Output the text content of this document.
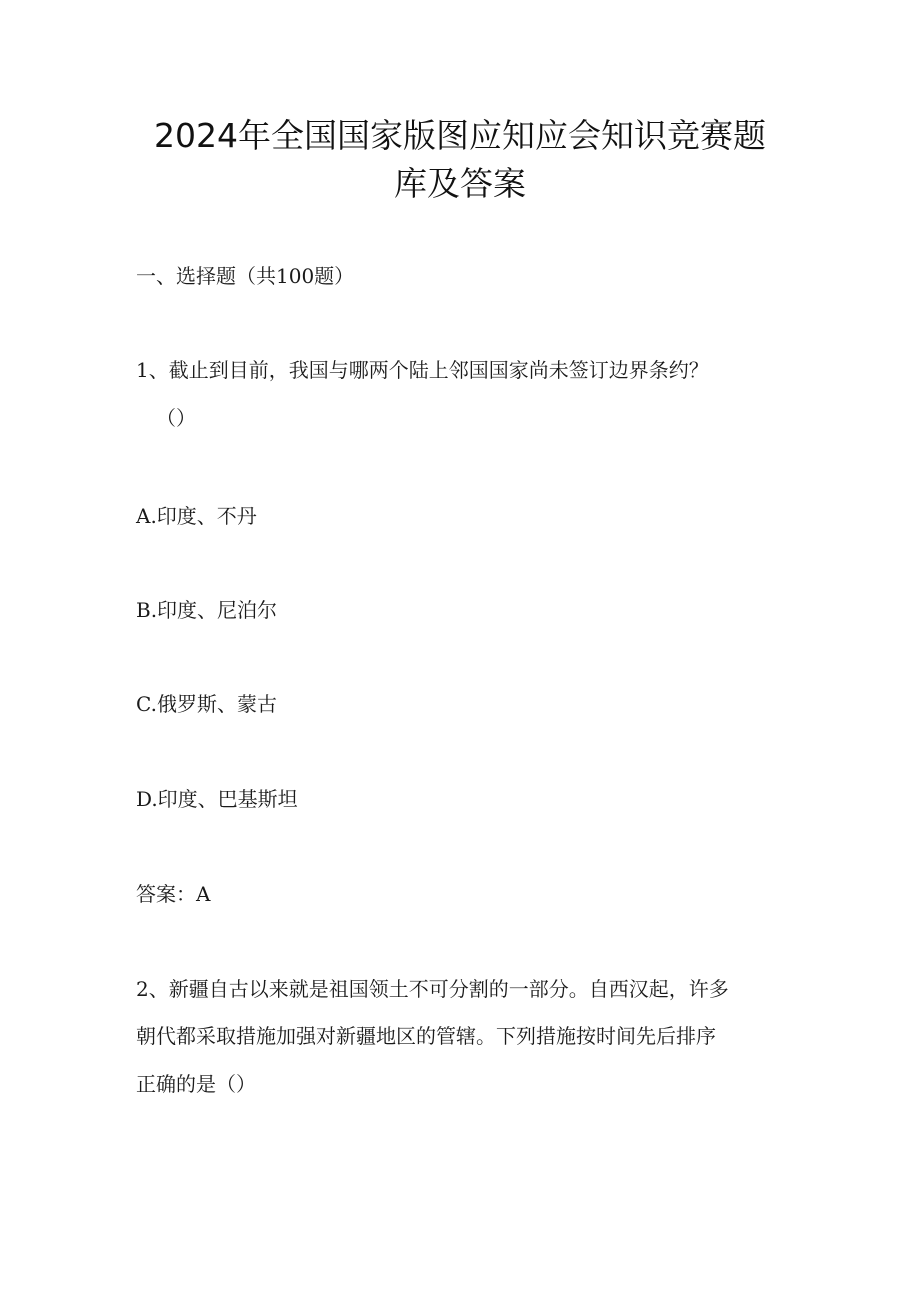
2024年全国国家版图应知应会知识竞赛题
库及答案

一、选择题（共100题）

1、截止到目前，我国与哪两个陆上邻国国家尚未签订边界条约？

（）

A.印度、不丹

B.印度、尼泊尔

C.俄罗斯、蒙古

D.印度、巴基斯坦

答案：A

2、新疆自古以来就是祖国领土不可分割的一部分。自西汉起，许多

朝代都采取措施加强对新疆地区的管辖。下列措施按时间先后排序

正确的是（）
